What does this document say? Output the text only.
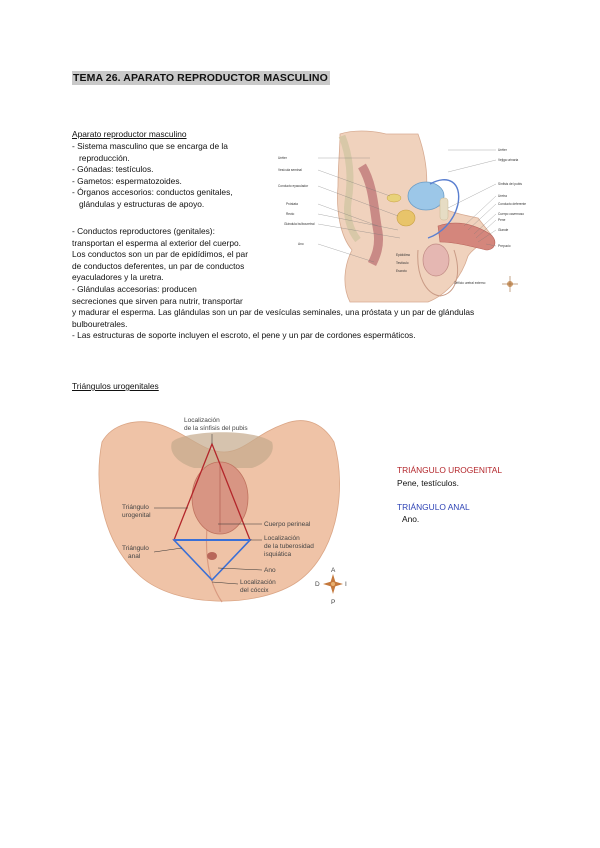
TEMA 26. APARATO REPRODUCTOR MASCULINO
Aparato reproductor masculino
- Sistema masculino que se encarga de la
reproducción.
- Gónadas: testículos.
- Gametos: espermatozoides.
- Órganos accesorios: conductos genitales,
glándulas y estructuras de apoyo.
- Conductos reproductores (genitales):
transportan el esperma al exterior del cuerpo.
Los conductos son un par de epidídimos, el par
de conductos deferentes, un par de conductos
eyaculadores y la uretra.
- Glándulas accesorias: producen
secreciones que sirven para nutrir, transportar
y madurar el esperma. Las glándulas son un par de vesículas seminales, una próstata y un par de glándulas
bulbouretrales.
- Las estructuras de soporte incluyen el escroto, el pene y un par de cordones espermáticos.
Uréter
Vesícula seminal
Conducto eyaculador
Próstata
Recto
Glándula bulbouretral
Ano
Uréter
Vejiga urinaria
Sínfisis del pubis
Uretra
Conducto deferente
Cuerpo cavernoso
Pene
Glande
Prepucio
Epidídimo
Testículo
Escroto
Orificio uretral externo
Triángulos urogenitales
Localización
de la sínfisis del pubis
Triángulo
urogenital
Triángulo
anal
Cuerpo perineal
Localización
de la tuberosidad
isquiática
Ano
Localización
del cóccix
A
P
D	I
TRIÁNGULO UROGENITAL
Pene, testículos.
TRIÁNGULO ANAL
Ano.
